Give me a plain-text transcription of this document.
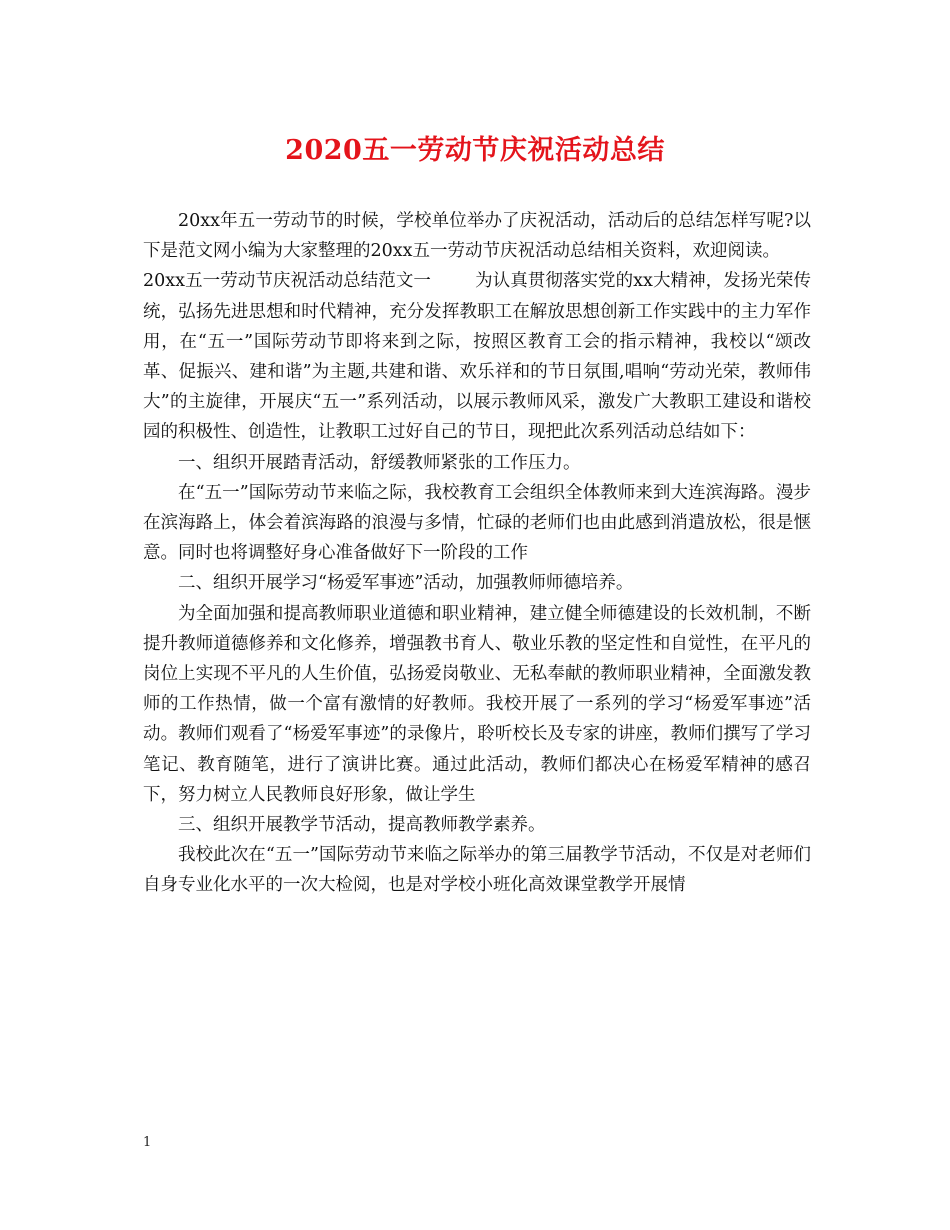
2020五一劳动节庆祝活动总结

20xx年五一劳动节的时候，学校单位举办了庆祝活动，活动后的总结怎样写呢?以下是范文网小编为大家整理的20xx五一劳动节庆祝活动总结相关资料，欢迎阅读。

20xx五一劳动节庆祝活动总结范文一	为认真贯彻落实党的xx大精神，发扬光荣传统，弘扬先进思想和时代精神，充分发挥教职工在解放思想创新工作实践中的主力军作用，在“五一”国际劳动节即将来到之际，按照区教育工会的指示精神，我校以“颂改革、促振兴、建和谐”为主题,共建和谐、欢乐祥和的节日氛围,唱响“劳动光荣，教师伟大”的主旋律，开展庆“五一”系列活动，以展示教师风采，激发广大教职工建设和谐校园的积极性、创造性，让教职工过好自己的节日，现把此次系列活动总结如下：

一、组织开展踏青活动，舒缓教师紧张的工作压力。

在“五一”国际劳动节来临之际，我校教育工会组织全体教师来到大连滨海路。漫步在滨海路上，体会着滨海路的浪漫与多情，忙碌的老师们也由此感到消遣放松，很是惬意。同时也将调整好身心准备做好下一阶段的工作

二、组织开展学习“杨爱军事迹”活动，加强教师师德培养。

为全面加强和提高教师职业道德和职业精神，建立健全师德建设的长效机制，不断提升教师道德修养和文化修养，增强教书育人、敬业乐教的坚定性和自觉性，在平凡的岗位上实现不平凡的人生价值，弘扬爱岗敬业、无私奉献的教师职业精神，全面激发教师的工作热情，做一个富有激情的好教师。我校开展了一系列的学习“杨爱军事迹”活动。教师们观看了“杨爱军事迹”的录像片，聆听校长及专家的讲座，教师们撰写了学习笔记、教育随笔，进行了演讲比赛。通过此活动，教师们都决心在杨爱军精神的感召下，努力树立人民教师良好形象，做让学生

三、组织开展教学节活动，提高教师教学素养。

我校此次在“五一”国际劳动节来临之际举办的第三届教学节活动，不仅是对老师们自身专业化水平的一次大检阅，也是对学校小班化高效课堂教学开展情

1
